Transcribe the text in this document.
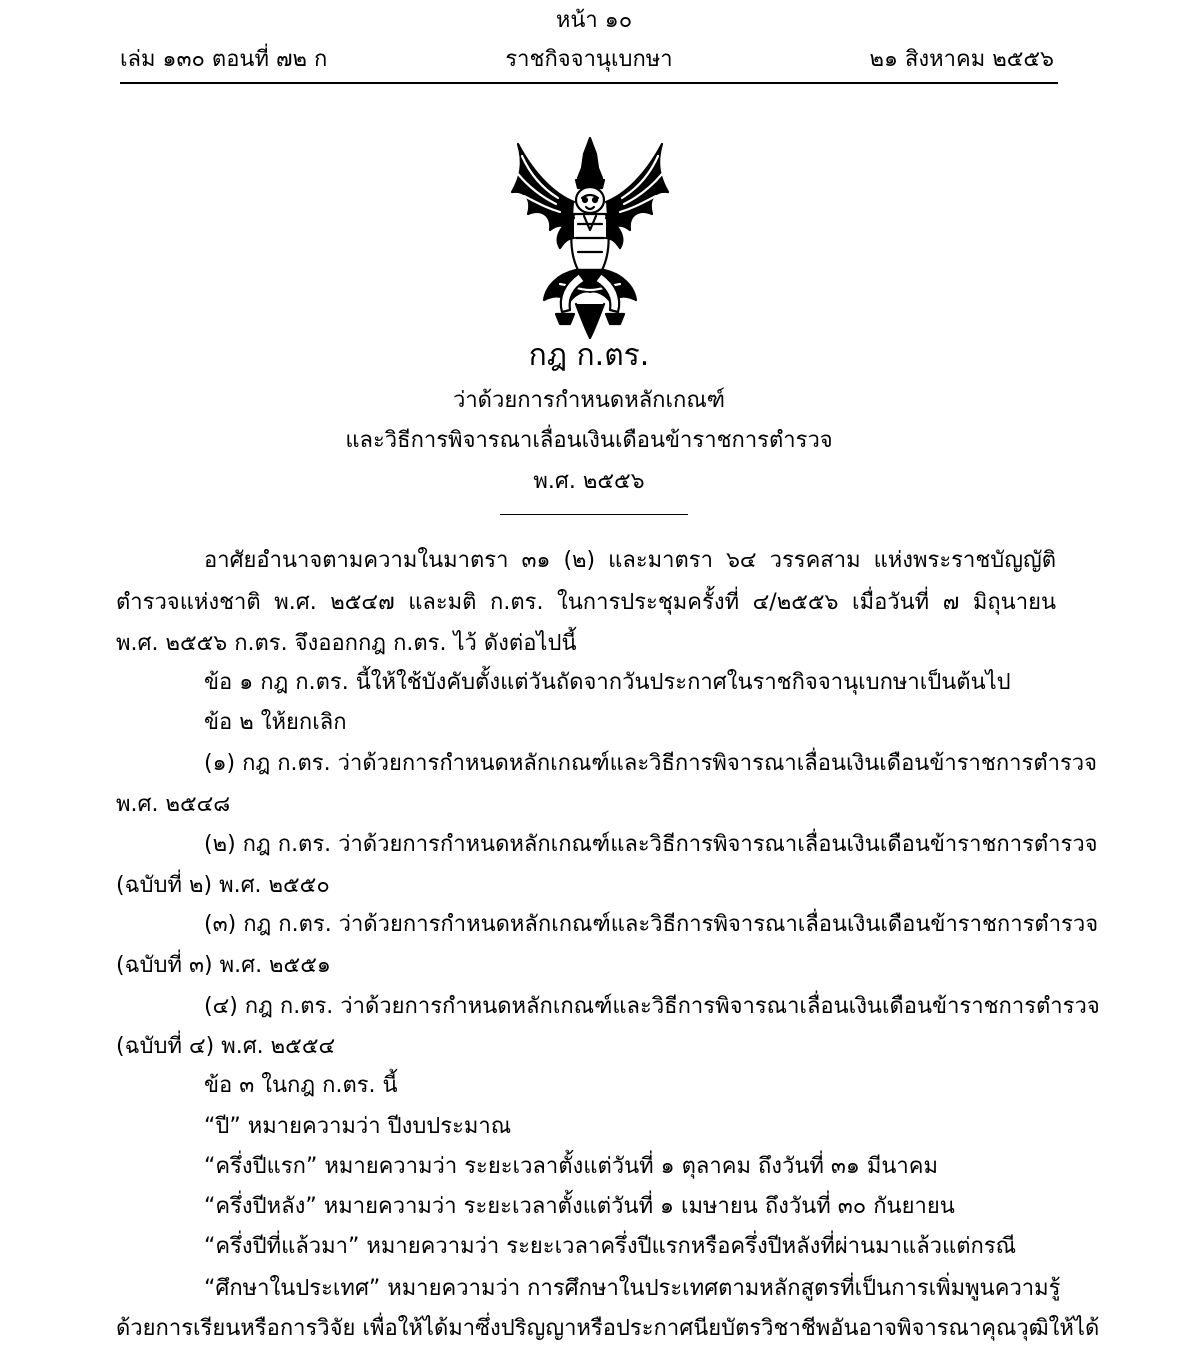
หน้า ๑๐
เล่ม ๑๓๐ ตอนที่ ๗๒ ก	ราชกิจจานุเบกษา	๒๑ สิงหาคม ๒๕๕๖
กฎ ก.ตร.
ว่าด้วยการกำหนดหลักเกณฑ์
และวิธีการพิจารณาเลื่อนเงินเดือนข้าราชการตำรวจ
พ.ศ. ๒๕๕๖
อาศัยอำนาจตามความในมาตรา ๓๑ (๒) และมาตรา ๖๔ วรรคสาม แห่งพระราชบัญญัติ
ตำรวจแห่งชาติ พ.ศ. ๒๕๔๗ และมติ ก.ตร. ในการประชุมครั้งที่ ๔/๒๕๕๖ เมื่อวันที่ ๗ มิถุนายน
พ.ศ. ๒๕๕๖ ก.ตร. จึงออกกฎ ก.ตร. ไว้ ดังต่อไปนี้
ข้อ ๑ กฎ ก.ตร. นี้ให้ใช้บังคับตั้งแต่วันถัดจากวันประกาศในราชกิจจานุเบกษาเป็นต้นไป
ข้อ ๒ ให้ยกเลิก
(๑) กฎ ก.ตร. ว่าด้วยการกำหนดหลักเกณฑ์และวิธีการพิจารณาเลื่อนเงินเดือนข้าราชการตำรวจ
พ.ศ. ๒๕๔๘
(๒) กฎ ก.ตร. ว่าด้วยการกำหนดหลักเกณฑ์และวิธีการพิจารณาเลื่อนเงินเดือนข้าราชการตำรวจ
(ฉบับที่ ๒) พ.ศ. ๒๕๕๐
(๓) กฎ ก.ตร. ว่าด้วยการกำหนดหลักเกณฑ์และวิธีการพิจารณาเลื่อนเงินเดือนข้าราชการตำรวจ
(ฉบับที่ ๓) พ.ศ. ๒๕๕๑
(๔) กฎ ก.ตร. ว่าด้วยการกำหนดหลักเกณฑ์และวิธีการพิจารณาเลื่อนเงินเดือนข้าราชการตำรวจ
(ฉบับที่ ๔) พ.ศ. ๒๕๕๔
ข้อ ๓ ในกฎ ก.ตร. นี้
“ปี” หมายความว่า ปีงบประมาณ
“ครึ่งปีแรก” หมายความว่า ระยะเวลาตั้งแต่วันที่ ๑ ตุลาคม ถึงวันที่ ๓๑ มีนาคม
“ครึ่งปีหลัง” หมายความว่า ระยะเวลาตั้งแต่วันที่ ๑ เมษายน ถึงวันที่ ๓๐ กันยายน
“ครึ่งปีที่แล้วมา” หมายความว่า ระยะเวลาครึ่งปีแรกหรือครึ่งปีหลังที่ผ่านมาแล้วแต่กรณี
“ศึกษาในประเทศ” หมายความว่า การศึกษาในประเทศตามหลักสูตรที่เป็นการเพิ่มพูนความรู้
ด้วยการเรียนหรือการวิจัย เพื่อให้ได้มาซึ่งปริญญาหรือประกาศนียบัตรวิชาชีพอันอาจพิจารณาคุณวุฒิให้ได้
